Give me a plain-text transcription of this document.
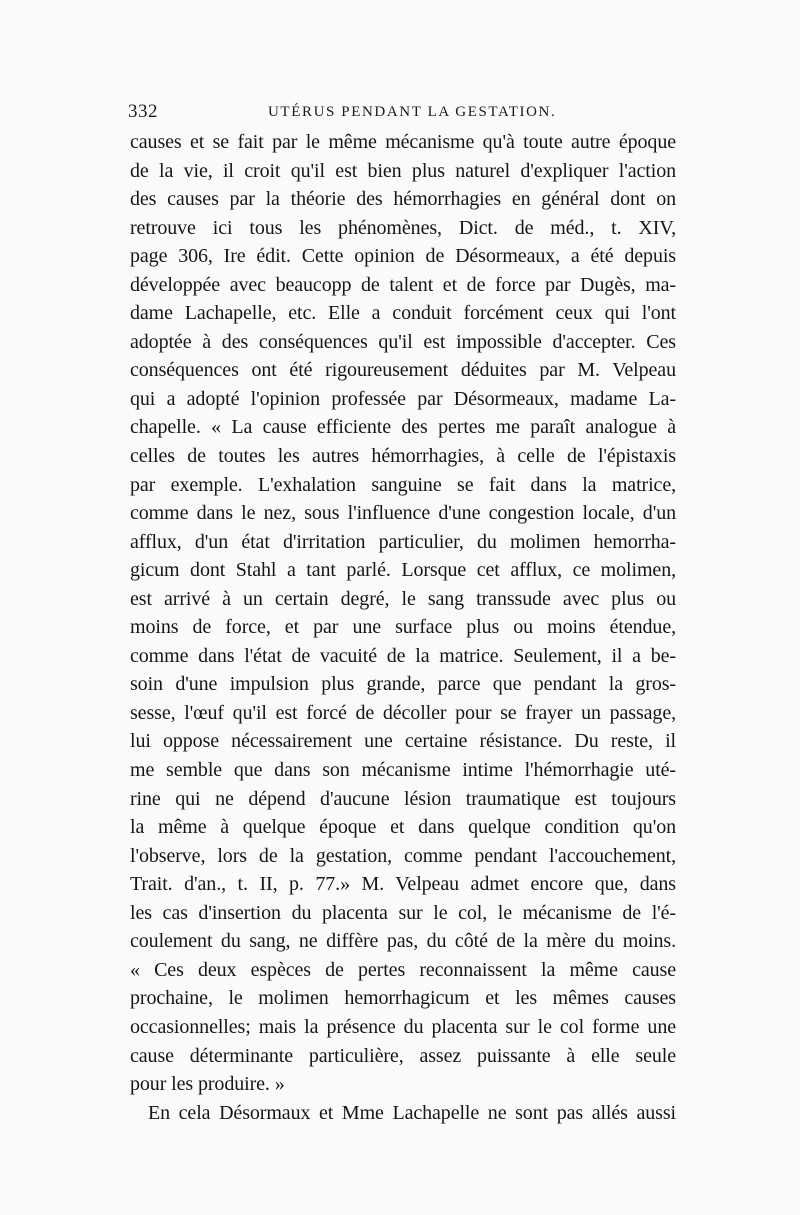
332	UTÉRUS PENDANT LA GESTATION.
causes et se fait par le même mécanisme qu'à toute autre époque
de la vie, il croit qu'il est bien plus naturel d'expliquer l'action
des causes par la théorie des hémorrhagies en général dont on
retrouve ici tous les phénomènes, Dict. de méd., t. XIV,
page 306, Ire édit. Cette opinion de Désormeaux, a été depuis
développée avec beaucopp de talent et de force par Dugès, ma-
dame Lachapelle, etc. Elle a conduit forcément ceux qui l'ont
adoptée à des conséquences qu'il est impossible d'accepter. Ces
conséquences ont été rigoureusement déduites par M. Velpeau
qui a adopté l'opinion professée par Désormeaux, madame La-
chapelle. « La cause efficiente des pertes me paraît analogue à
celles de toutes les autres hémorrhagies, à celle de l'épistaxis
par exemple. L'exhalation sanguine se fait dans la matrice,
comme dans le nez, sous l'influence d'une congestion locale, d'un
afflux, d'un état d'irritation particulier, du molimen hemorrha-
gicum dont Stahl a tant parlé. Lorsque cet afflux, ce molimen,
est arrivé à un certain degré, le sang transsude avec plus ou
moins de force, et par une surface plus ou moins étendue,
comme dans l'état de vacuité de la matrice. Seulement, il a be-
soin d'une impulsion plus grande, parce que pendant la gros-
sesse, l'œuf qu'il est forcé de décoller pour se frayer un passage,
lui oppose nécessairement une certaine résistance. Du reste, il
me semble que dans son mécanisme intime l'hémorrhagie uté-
rine qui ne dépend d'aucune lésion traumatique est toujours
la même à quelque époque et dans quelque condition qu'on
l'observe, lors de la gestation, comme pendant l'accouchement,
Trait. d'an., t. II, p. 77.» M. Velpeau admet encore que, dans
les cas d'insertion du placenta sur le col, le mécanisme de l'é-
coulement du sang, ne diffère pas, du côté de la mère du moins.
« Ces deux espèces de pertes reconnaissent la même cause
prochaine, le molimen hemorrhagicum et les mêmes causes
occasionnelles; mais la présence du placenta sur le col forme une
cause déterminante particulière, assez puissante à elle seule
pour les produire. »
En cela Désormaux et Mme Lachapelle ne sont pas allés aussi
